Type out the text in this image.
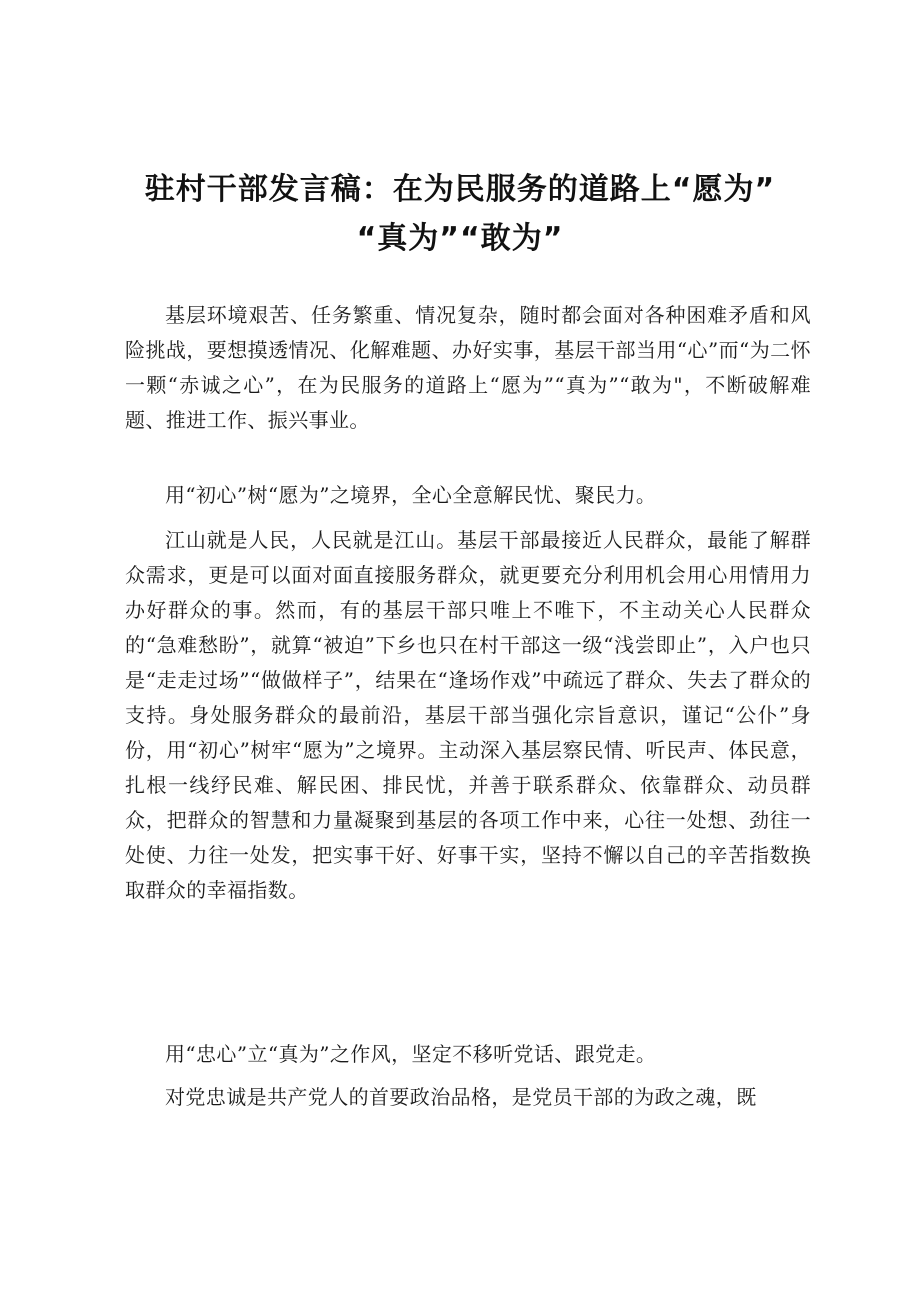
驻村干部发言稿：在为民服务的道路上“愿为”
“真为”“敢为”

基层环境艰苦、任务繁重、情况复杂，随时都会面对各种困难矛盾和风险挑战，要想摸透情况、化解难题、办好实事，基层干部当用“心”而“为二怀一颗“赤诚之心”，在为民服务的道路上“愿为”“真为”“敢为"，不断破解难题、推进工作、振兴事业。

用“初心”树“愿为”之境界，全心全意解民忧、聚民力。

江山就是人民，人民就是江山。基层干部最接近人民群众，最能了解群众需求，更是可以面对面直接服务群众，就更要充分利用机会用心用情用力办好群众的事。然而，有的基层干部只唯上不唯下，不主动关心人民群众的“急难愁盼”，就算“被迫”下乡也只在村干部这一级“浅尝即止”，入户也只是“走走过场”“做做样子”，结果在“逢场作戏”中疏远了群众、失去了群众的支持。身处服务群众的最前沿，基层干部当强化宗旨意识，谨记“公仆”身份，用“初心”树牢“愿为”之境界。主动深入基层察民情、听民声、体民意，扎根一线纾民难、解民困、排民忧，并善于联系群众、依靠群众、动员群众，把群众的智慧和力量凝聚到基层的各项工作中来，心往一处想、劲往一处使、力往一处发，把实事干好、好事干实，坚持不懈以自己的辛苦指数换取群众的幸福指数。

用“忠心”立“真为”之作风，坚定不移听党话、跟党走。

对党忠诚是共产党人的首要政治品格，是党员干部的为政之魂，既
